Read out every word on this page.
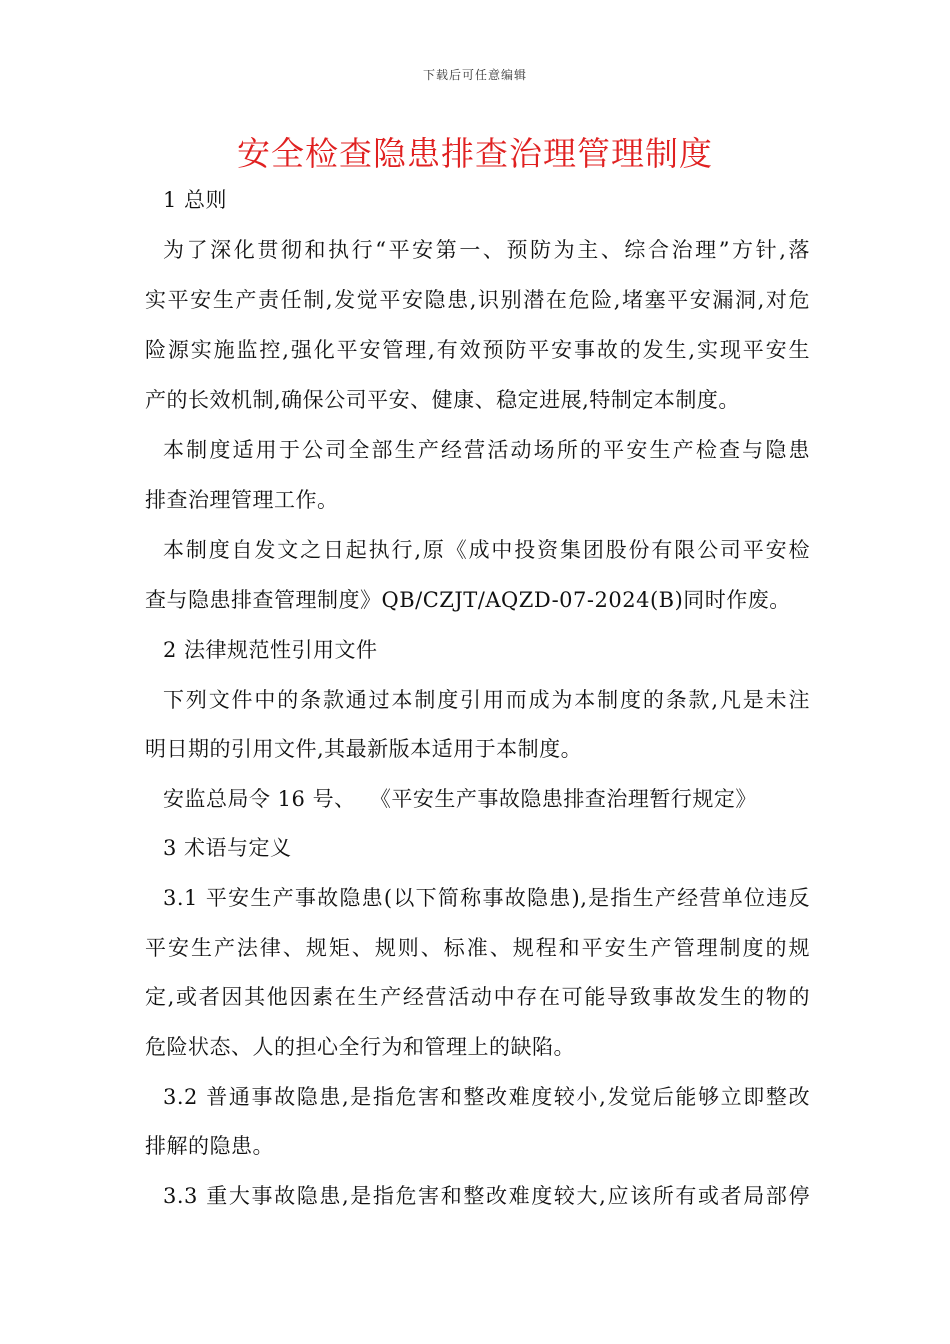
下载后可任意编辑
安全检查隐患排查治理管理制度
1 总则
为了深化贯彻和执行“平安第一、预防为主、综合治理”方针,落
实平安生产责任制,发觉平安隐患,识别潜在危险,堵塞平安漏洞,对危
险源实施监控,强化平安管理,有效预防平安事故的发生,实现平安生
产的长效机制,确保公司平安、健康、稳定进展,特制定本制度。
本制度适用于公司全部生产经营活动场所的平安生产检查与隐患
排查治理管理工作。
本制度自发文之日起执行,原《成中投资集团股份有限公司平安检
查与隐患排查管理制度》QB/CZJT/AQZD-07-2024(B)同时作废。
2 法律规范性引用文件
下列文件中的条款通过本制度引用而成为本制度的条款,凡是未注
明日期的引用文件,其最新版本适用于本制度。
安监总局令 16 号、  《平安生产事故隐患排查治理暂行规定》
3 术语与定义
3.1 平安生产事故隐患(以下简称事故隐患),是指生产经营单位违反
平安生产法律、规矩、规则、标准、规程和平安生产管理制度的规
定,或者因其他因素在生产经营活动中存在可能导致事故发生的物的
危险状态、人的担心全行为和管理上的缺陷。
3.2 普通事故隐患,是指危害和整改难度较小,发觉后能够立即整改
排解的隐患。
3.3 重大事故隐患,是指危害和整改难度较大,应该所有或者局部停
